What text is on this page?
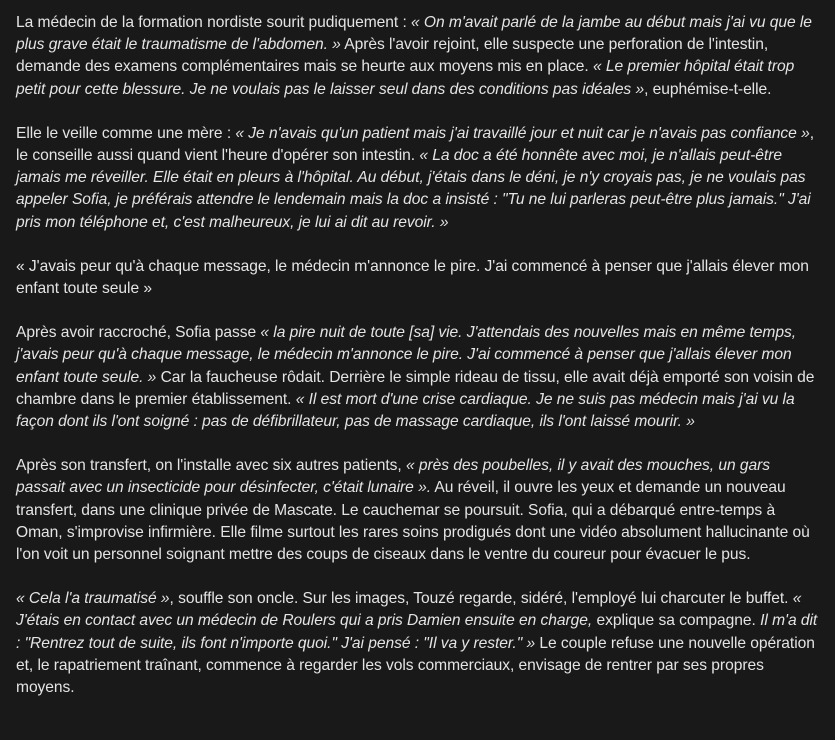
La médecin de la formation nordiste sourit pudiquement : « On m'avait parlé de la jambe au début mais j'ai vu que le plus grave était le traumatisme de l'abdomen. » Après l'avoir rejoint, elle suspecte une perforation de l'intestin, demande des examens complémentaires mais se heurte aux moyens mis en place. « Le premier hôpital était trop petit pour cette blessure. Je ne voulais pas le laisser seul dans des conditions pas idéales », euphémise-t-elle.

Elle le veille comme une mère : « Je n'avais qu'un patient mais j'ai travaillé jour et nuit car je n'avais pas confiance », le conseille aussi quand vient l'heure d'opérer son intestin. « La doc a été honnête avec moi, je n'allais peut-être jamais me réveiller. Elle était en pleurs à l'hôpital. Au début, j'étais dans le déni, je n'y croyais pas, je ne voulais pas appeler Sofia, je préférais attendre le lendemain mais la doc a insisté : "Tu ne lui parleras peut-être plus jamais." J'ai pris mon téléphone et, c'est malheureux, je lui ai dit au revoir. »

« J'avais peur qu'à chaque message, le médecin m'annonce le pire. J'ai commencé à penser que j'allais élever mon enfant toute seule »

Après avoir raccroché, Sofia passe « la pire nuit de toute [sa] vie. J'attendais des nouvelles mais en même temps, j'avais peur qu'à chaque message, le médecin m'annonce le pire. J'ai commencé à penser que j'allais élever mon enfant toute seule. » Car la faucheuse rôdait. Derrière le simple rideau de tissu, elle avait déjà emporté son voisin de chambre dans le premier établissement. « Il est mort d'une crise cardiaque. Je ne suis pas médecin mais j'ai vu la façon dont ils l'ont soigné : pas de défibrillateur, pas de massage cardiaque, ils l'ont laissé mourir. »

Après son transfert, on l'installe avec six autres patients, « près des poubelles, il y avait des mouches, un gars passait avec un insecticide pour désinfecter, c'était lunaire ». Au réveil, il ouvre les yeux et demande un nouveau transfert, dans une clinique privée de Mascate. Le cauchemar se poursuit. Sofia, qui a débarqué entre-temps à Oman, s'improvise infirmière. Elle filme surtout les rares soins prodigués dont une vidéo absolument hallucinante où l'on voit un personnel soignant mettre des coups de ciseaux dans le ventre du coureur pour évacuer le pus.

« Cela l'a traumatisé », souffle son oncle. Sur les images, Touzé regarde, sidéré, l'employé lui charcuter le buffet. « J'étais en contact avec un médecin de Roulers qui a pris Damien ensuite en charge, explique sa compagne. Il m'a dit : "Rentrez tout de suite, ils font n'importe quoi." J'ai pensé : "Il va y rester." » Le couple refuse une nouvelle opération et, le rapatriement traînant, commence à regarder les vols commerciaux, envisage de rentrer par ses propres moyens.
